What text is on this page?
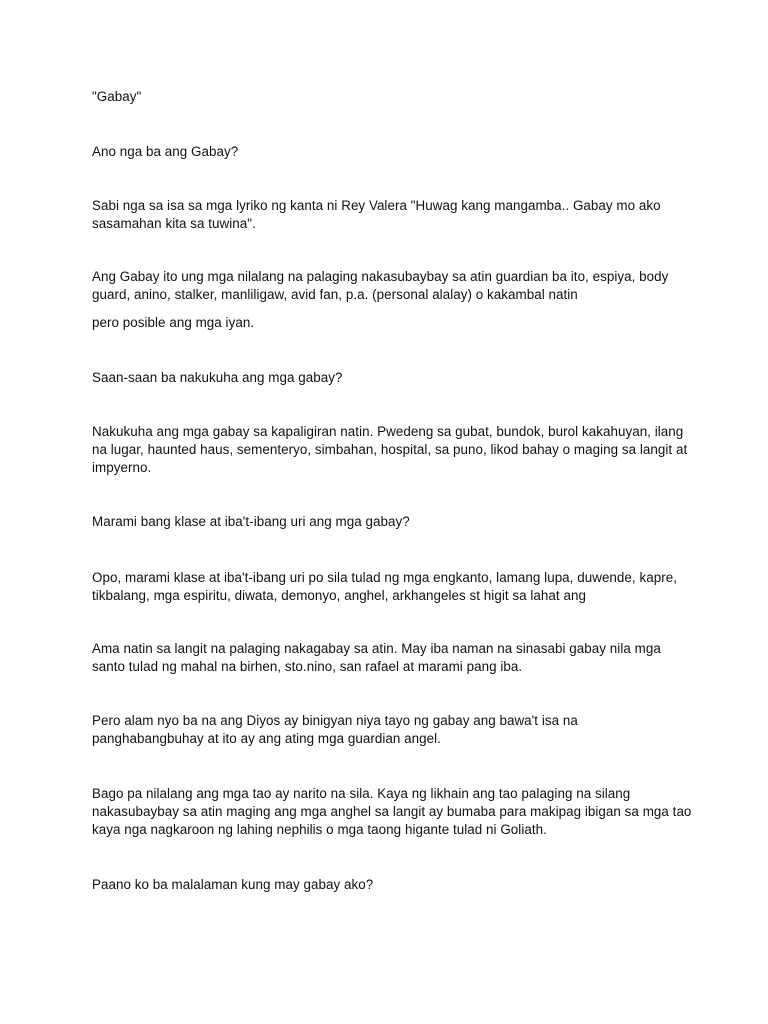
"Gabay"

Ano nga ba ang Gabay?

Sabi nga sa isa sa mga lyriko ng kanta ni Rey Valera "Huwag kang mangamba.. Gabay mo ako sasamahan kita sa tuwina".

Ang Gabay ito ung mga nilalang na palaging nakasubaybay sa atin guardian ba ito, espiya, body guard, anino, stalker, manliligaw, avid fan, p.a. (personal alalay) o kakambal natin

pero posible ang mga iyan.

Saan-saan ba nakukuha ang mga gabay?

Nakukuha ang mga gabay sa kapaligiran natin. Pwedeng sa gubat, bundok, burol kakahuyan, ilang na lugar, haunted haus, sementeryo, simbahan, hospital, sa puno, likod bahay o maging sa langit at impyerno.

Marami bang klase at iba't-ibang uri ang mga gabay?

Opo, marami klase at iba't-ibang uri po sila tulad ng mga engkanto, lamang lupa, duwende, kapre, tikbalang, mga espiritu, diwata, demonyo, anghel, arkhangeles st higit sa lahat ang

Ama natin sa langit na palaging nakagabay sa atin. May iba naman na sinasabi gabay nila mga santo tulad ng mahal na birhen, sto.nino, san rafael at marami pang iba.

Pero alam nyo ba na ang Diyos ay binigyan niya tayo ng gabay ang bawa't isa na panghabangbuhay at ito ay ang ating mga guardian angel.

Bago pa nilalang ang mga tao ay narito na sila. Kaya ng likhain ang tao palaging na silang nakasubaybay sa atin maging ang mga anghel sa langit ay bumaba para makipag ibigan sa mga tao kaya nga nagkaroon ng lahing nephilis o mga taong higante tulad ni Goliath.

Paano ko ba malalaman kung may gabay ako?
